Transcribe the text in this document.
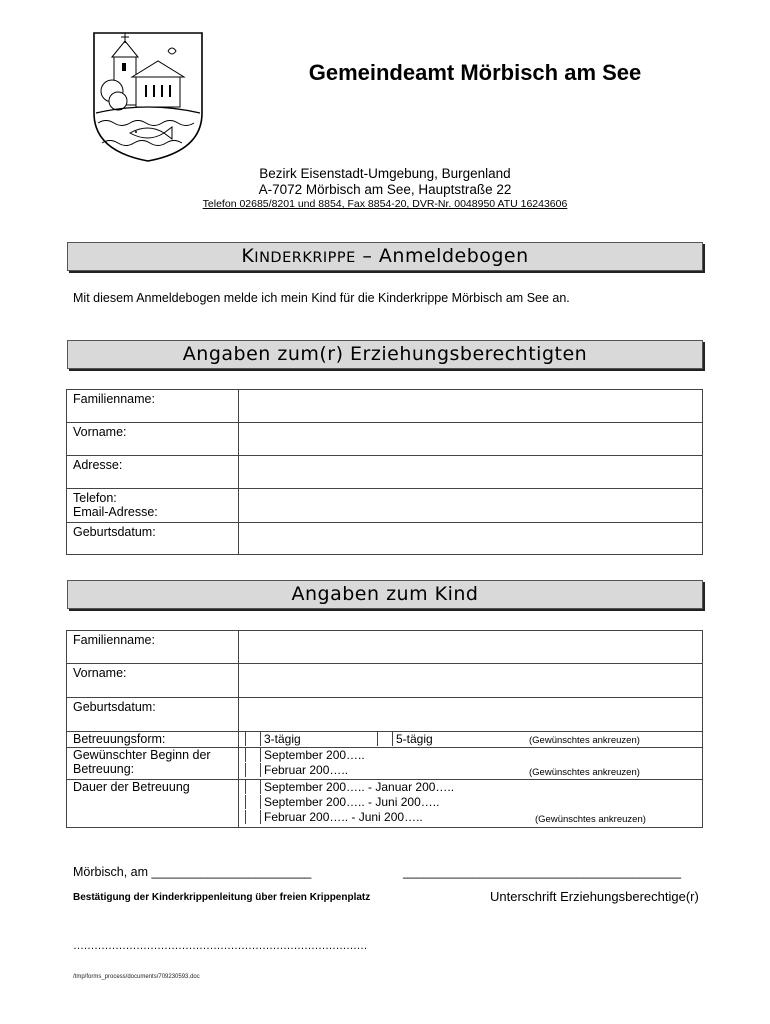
Gemeindeamt Mörbisch am See
Bezirk Eisenstadt-Umgebung, Burgenland
A-7072 Mörbisch am See, Hauptstraße 22
Telefon 02685/8201 und 8854, Fax 8854-20, DVR-Nr. 0048950 ATU 16243606
KINDERKRIPPE – Anmeldebogen
Mit diesem Anmeldebogen melde ich mein Kind für die Kinderkrippe Mörbisch am See an.
Angaben zum(r) Erziehungsberechtigten
Familienname:	
Vorname:	
Adresse:	

Telefon:
Email-Adresse:	

Geburtsdatum:	
Angaben zum Kind
Familienname:	
Vorname:	
Geburtsdatum:	
Betreuungsform:	3-tägig 5-tägig (Gewünschtes ankreuzen)

Gewünschter Beginn der Betreuung:	September 200…..
Februar 200….. (Gewünschtes ankreuzen)

Dauer der Betreuung	September 200….. - Januar 200…..
September 200….. - Juni 200…..
Februar 200….. - Juni 200….. (Gewünschtes ankreuzen)
Mörbisch, am _______________________	________________________________________
Bestätigung der Kinderkrippenleitung über freien Krippenplatz	Unterschrift Erziehungsberechtige(r)
…………………………………………………………………………
/tmp/forms_process/documents/709230593.doc
